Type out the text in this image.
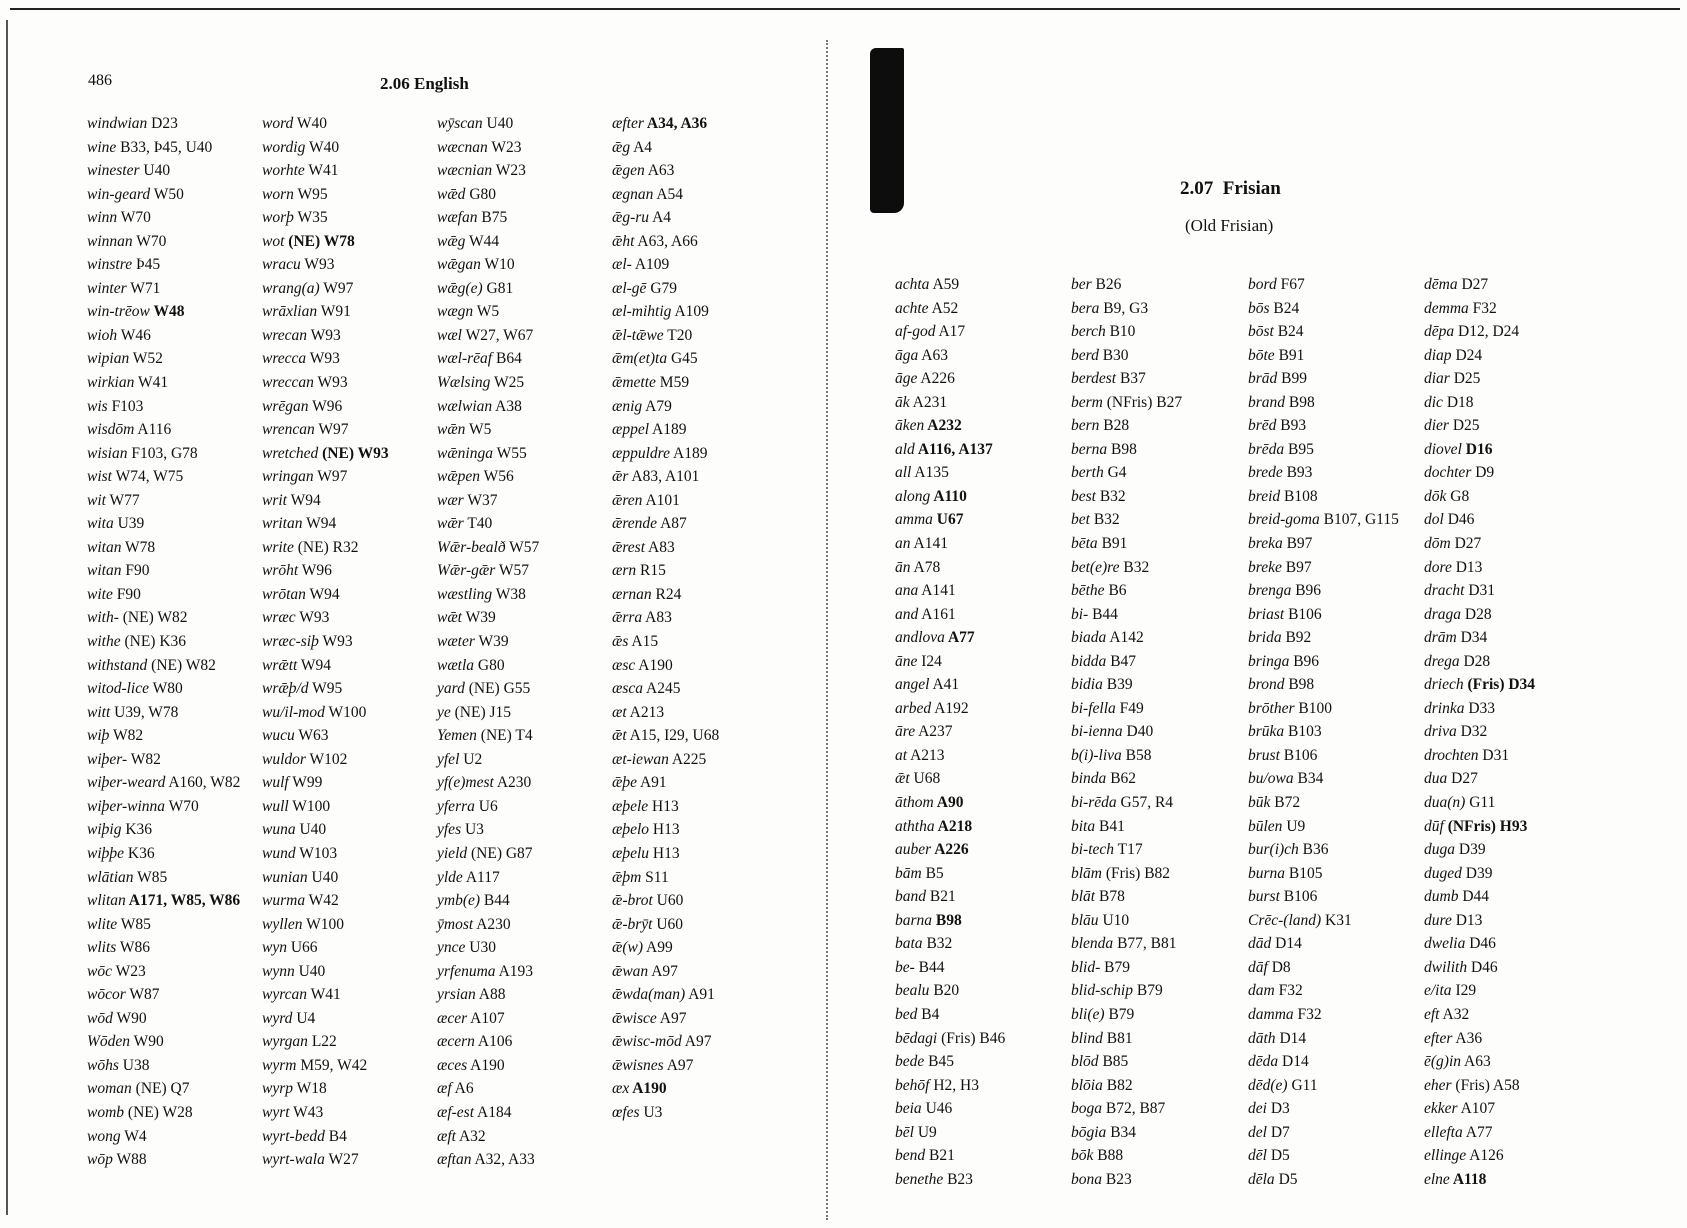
486	2.06 English
windwian D23
wine B33, Þ45, U40
winester U40
win-geard W50
winn W70
winnan W70
winstre Þ45
winter W71
win-trēow W48
wioh W46
wipian W52
wirkian W41
wis F103
wisdōm A116
wisian F103, G78
wist W74, W75
wit W77
wita U39
witan W78
witan F90
wite F90
with- (NE) W82
withe (NE) K36
withstand (NE) W82
witod-lice W80
witt U39, W78
wiþ W82
wiþer- W82
wiþer-weard A160, W82
wiþer-winna W70
wiþig K36
wiþþe K36
wlātian W85
wlitan A171, W85, W86
wlite W85
wlits W86
wōc W23
wōcor W87
wōd W90
Wōden W90
wōhs U38
woman (NE) Q7
womb (NE) W28
wong W4
wōp W88
word W40
wordig W40
worhte W41
worn W95
worþ W35
wot (NE) W78
wracu W93
wrang(a) W97
wrāxlian W91
wrecan W93
wrecca W93
wreccan W93
wrēgan W96
wrencan W97
wretched (NE) W93
wringan W97
writ W94
writan W94
write (NE) R32
wrōht W96
wrōtan W94
wræc W93
wræc-siþ W93
wrǣtt W94
wrǣþ/d W95
wu/il-mod W100
wucu W63
wuldor W102
wulf W99
wull W100
wuna U40
wund W103
wunian U40
wurma W42
wyllen W100
wyn U66
wynn U40
wyrcan W41
wyrd U4
wyrgan L22
wyrm M59, W42
wyrp W18
wyrt W43
wyrt-bedd B4
wyrt-wala W27
wȳscan U40
wæcnan W23
wæcnian W23
wǣd G80
wæfan B75
wǣg W44
wǣgan W10
wǣg(e) G81
wægn W5
wæl W27, W67
wæl-rēaf B64
Wælsing W25
wælwian A38
wǣn W5
wǣninga W55
wǣpen W56
wær W37
wǣr T40
Wǣr-bealð W57
Wǣr-gǣr W57
wæstling W38
wǣt W39
wæter W39
wætla G80
yard (NE) G55
ye (NE) J15
Yemen (NE) T4
yfel U2
yf(e)mest A230
yferra U6
yfes U3
yield (NE) G87
ylde A117
ymb(e) B44
ȳmost A230
ynce U30
yrfenuma A193
yrsian A88
æcer A107
æcern A106
æces A190
æf A6
æf-est A184
æft A32
æftan A32, A33
æfter A34, A36
ǣg A4
ǣgen A63
ægnan A54
ǣg-ru A4
ǣht A63, A66
æl- A109
æl-gē G79
æl-mihtig A109
ǣl-tǣwe T20
ǣm(et)ta G45
ǣmette M59
ænig A79
æppel A189
æppuldre A189
ǣr A83, A101
ǣren A101
ǣrende A87
ǣrest A83
ærn R15
ærnan R24
ǣrra A83
ǣs A15
æsc A190
æsca A245
æt A213
ǣt A15, I29, U68
æt-iewan A225
ǣþe A91
æþele H13
æþelo H13
æþelu H13
ǣþm S11
ǣ-brot U60
ǣ-brȳt U60
ǣ(w) A99
ǣwan A97
ǣwda(man) A91
ǣwisce A97
ǣwisc-mōd A97
ǣwisnes A97
æx A190
œfes U3
2.07 Frisian
(Old Frisian)
achta A59
achte A52
af-god A17
āga A63
āge A226
āk A231
āken A232
ald A116, A137
all A135
along A110
amma U67
an A141
ān A78
ana A141
and A161
andlova A77
āne I24
angel A41
arbed A192
āre A237
at A213
ǣt U68
āthom A90
aththa A218
auber A226
bām B5
band B21
barna B98
bata B32
be- B44
bealu B20
bed B4
bēdagi (Fris) B46
bede B45
behōf H2, H3
beia U46
bēl U9
bend B21
benethe B23
ber B26
bera B9, G3
berch B10
berd B30
berdest B37
berm (NFris) B27
bern B28
berna B98
berth G4
best B32
bet B32
bēta B91
bet(e)re B32
bēthe B6
bi- B44
biada A142
bidda B47
bidia B39
bi-fella F49
bi-ienna D40
b(i)-liva B58
binda B62
bi-rēda G57, R4
bita B41
bi-tech T17
blām (Fris) B82
blāt B78
blāu U10
blenda B77, B81
blid- B79
blid-schip B79
bli(e) B79
blind B81
blōd B85
blōia B82
boga B72, B87
bōgia B34
bōk B88
bona B23
bord F67
bōs B24
bōst B24
bōte B91
brād B99
brand B98
brēd B93
brēda B95
brede B93
breid B108
breid-goma B107, G115
breka B97
breke B97
brenga B96
briast B106
brida B92
bringa B96
brond B98
brōther B100
brūka B103
brust B106
bu/owa B34
būk B72
būlen U9
bur(i)ch B36
burna B105
burst B106
Crēc-(land) K31
dād D14
dāf D8
dam F32
damma F32
dāth D14
dēda D14
dēd(e) G11
dei D3
del D7
dēl D5
dēla D5
dēma D27
demma F32
dēpa D12, D24
diap D24
diar D25
dic D18
dier D25
diovel D16
dochter D9
dōk G8
dol D46
dōm D27
dore D13
dracht D31
draga D28
drām D34
drega D28
driech (Fris) D34
drinka D33
driva D32
drochten D31
dua D27
dua(n) G11
dūf (NFris) H93
duga D39
duged D39
dumb D44
dure D13
dwelia D46
dwilith D46
e/ita I29
eft A32
efter A36
ē(g)in A63
eher (Fris) A58
ekker A107
ellefta A77
ellinge A126
elne A118
